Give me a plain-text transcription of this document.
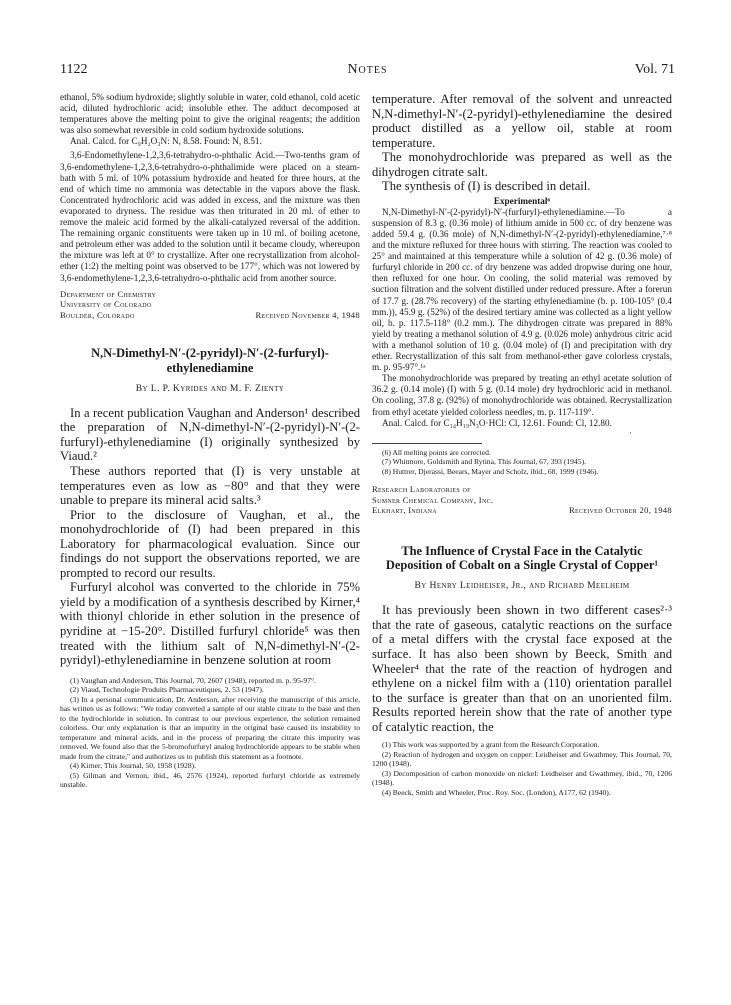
1122	Notes	Vol. 71

ethanol, 5% sodium hydroxide; slightly soluble in water, cold ethanol, cold acetic acid, diluted hydrochloric acid; insoluble ether. The adduct decomposed at temperatures above the melting point to give the original reagents; the addition was also somewhat reversible in cold sodium hydroxide solutions.

Anal. Calcd. for C₉H₂O₃N: N, 8.58. Found: N, 8.51.

3,6-Endomethylene-1,2,3,6-tetrahydro-o-phthalic Acid.—Two-tenths gram of 3,6-endomethylene-1,2,3,6-tetrahydro-o-phthalimide were placed on a steam-bath with 5 ml. of 10% potassium hydroxide and heated for three hours, at the end of which time no ammonia was detectable in the vapors above the flask. Concentrated hydrochloric acid was added in excess, and the mixture was then evaporated to dryness. The residue was then triturated in 20 ml. of ether to remove the maleic acid formed by the alkali-catalyzed reversal of the addition. The remaining organic constituents were taken up in 10 ml. of boiling acetone, and petroleum ether was added to the solution until it became cloudy, whereupon the mixture was left at 0° to crystallize. After one recrystallization from alcohol-ether (1:2) the melting point was observed to be 177°, which was not lowered by 3,6-endomethylene-1,2,3,6-tetrahydro-o-phthalic acid from another source.

Department of Chemistry
University of Colorado
Boulder, Colorado	Received November 4, 1948
N,N-Dimethyl-N′-(2-pyridyl)-N′-(2-furfuryl)-
ethylenediamine
By L. P. Kyrides and M. F. Zienty

In a recent publication Vaughan and Anderson¹ described the preparation of N,N-dimethyl-N′-(2-pyridyl)-N′-(2-furfuryl)-ethylenediamine (I) originally synthesized by Viaud.²

These authors reported that (I) is very unstable at temperatures even as low as −80° and that they were unable to prepare its mineral acid salts.³

Prior to the disclosure of Vaughan, et al., the monohydrochloride of (I) had been prepared in this Laboratory for pharmacological evaluation. Since our findings do not support the observations reported, we are prompted to record our results.

Furfuryl alcohol was converted to the chloride in 75% yield by a modification of a synthesis described by Kirner,⁴ with thionyl chloride in ether solution in the presence of pyridine at −15-20°. Distilled furfuryl chloride⁵ was then treated with the lithium salt of N,N-dimethyl-N′-(2-pyridyl)-ethylenediamine in benzene solution at room

(1) Vaughan and Anderson, This Journal, 70, 2607 (1948), reported m. p. 95-97°.

(2) Viaud, Technologie Produits Pharmaceutiques, 2, 53 (1947).

(3) In a personal communication, Dr. Anderson, after receiving the manuscript of this article, has written us as follows: "We today converted a sample of our stable citrate to the base and then to the hydrochloride in solution. In contrast to our previous experience, the solution remained colorless. Our only explanation is that an impurity in the original base caused its instability to temperature and mineral acids, and in the process of preparing the citrate this impurity was removed. We found also that the 5-bromofurfuryl analog hydrochloride appears to be stable when made from the citrate," and authorizes us to publish this statement as a footnote.

(4) Kirner, This Journal, 50, 1958 (1928).

(5) Gilman and Vernon, ibid., 46, 2576 (1924), reported furfuryl chloride as extremely unstable.

temperature. After removal of the solvent and unreacted N,N-dimethyl-N′-(2-pyridyl)-ethylenediamine the desired product distilled as a yellow oil, stable at room temperature.

The monohydrochloride was prepared as well as the dihydrogen citrate salt.

The synthesis of (I) is described in detail.

Experimental⁶

N,N-Dimethyl-N′-(2-pyridyl)-N′-(furfuryl)-ethylenediamine.—To a suspension of 8.3 g. (0.36 mole) of lithium amide in 500 cc. of dry benzene was added 59.4 g. (0.36 mole) of N,N-dimethyl-N′-(2-pyridyl)-ethylenediamine,⁷·⁸ and the mixture refluxed for three hours with stirring. The reaction was cooled to 25° and maintained at this temperature while a solution of 42 g. (0.36 mole) of furfuryl chloride in 200 cc. of dry benzene was added dropwise during one hour, then refluxed for one hour. On cooling, the solid material was removed by suction filtration and the solvent distilled under reduced pressure. After a forerun of 17.7 g. (28.7% recovery) of the starting ethylenediamine (b. p. 100-105° (0.4 mm.)), 45.9 g. (52%) of the desired tertiary amine was collected as a light yellow oil, b. p. 117.5-118° (0.2 mm.). The dihydrogen citrate was prepared in 88% yield by treating a methanol solution of 4.9 g. (0.026 mole) anhydrous citric acid with a methanol solution of 10 g. (0.04 mole) of (I) and precipitation with dry ether. Recrystallization of this salt from methanol-ether gave colorless crystals, m. p. 95-97°.¹ᵃ

The monohydrochloride was prepared by treating an ethyl acetate solution of 36.2 g. (0.14 mole) (I) with 5 g. (0.14 mole) dry hydrochloric acid in methanol. On cooling, 37.8 g. (92%) of monohydrochloride was obtained. Recrystallization from ethyl acetate yielded colorless needles, m. p. 117-119°.

Anal. Calcd. for C₁₄H₁₉N₃O·HCl: Cl, 12.61. Found: Cl, 12.80.

·

(6) All melting points are corrected.

(7) Whitmore, Goldsmith and Rytina, This Journal, 67, 393 (1945).

(8) Huttrer, Djerassi, Beears, Mayer and Scholz, ibid., 68, 1999 (1946).

Research Laboratories of
Sumner Chemical Company, Inc.
Elkhart, Indiana	Received October 20, 1948
The Influence of Crystal Face in the Catalytic Deposition of Cobalt on a Single Crystal of Copper¹
By Henry Leidheiser, Jr., and Richard Meelheim

It has previously been shown in two different cases²·³ that the rate of gaseous, catalytic reactions on the surface of a metal differs with the crystal face exposed at the surface. It has also been shown by Beeck, Smith and Wheeler⁴ that the rate of the reaction of hydrogen and ethylene on a nickel film with a (110) orientation parallel to the surface is greater than that on an unoriented film. Results reported herein show that the rate of another type of catalytic reaction, the

(1) This work was supported by a grant from the Research Corporation.

(2) Reaction of hydrogen and oxygen on copper: Leidheiser and Gwathmey, This Journal, 70, 1200 (1948).

(3) Decomposition of carbon monoxide on nickel: Leidheiser and Gwathmey, ibid., 70, 1206 (1948).

(4) Beeck, Smith and Wheeler, Proc. Roy. Soc. (London), A177, 62 (1940).
